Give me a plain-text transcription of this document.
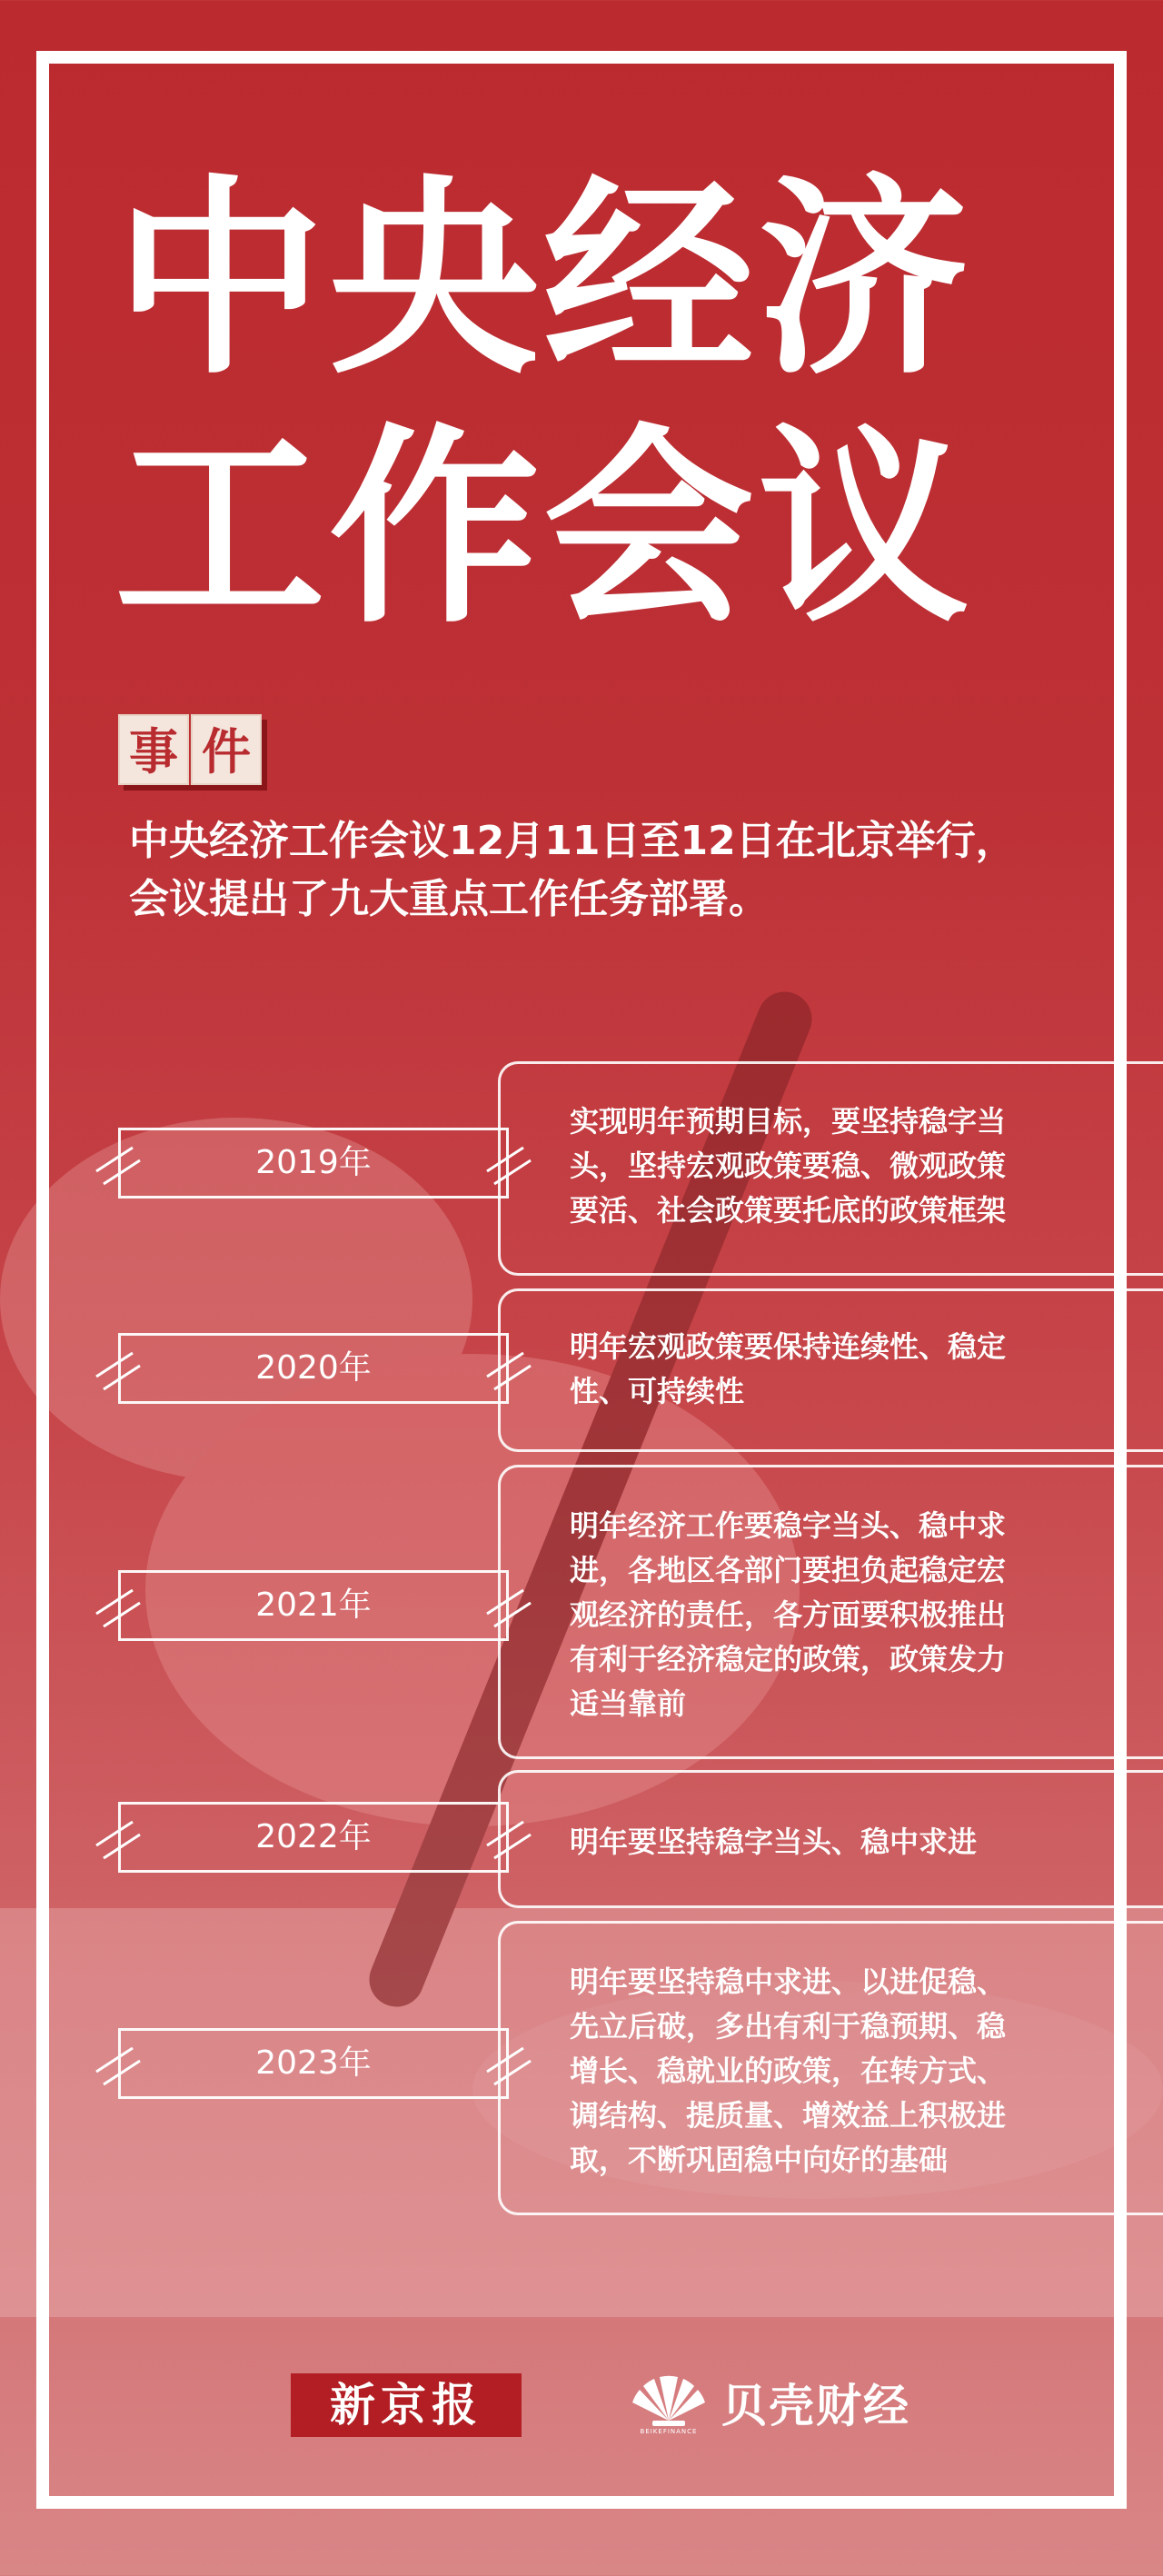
中央经济
工作会议
事 件
中央经济工作会议12月11日至12日在北京举行，
会议提出了九大重点工作任务部署。
实现明年预期目标，要坚持稳字当
头，坚持宏观政策要稳、微观政策
要活、社会政策要托底的政策框架
2019年
明年宏观政策要保持连续性、稳定
性、可持续性
2020年
明年经济工作要稳字当头、稳中求
进，各地区各部门要担负起稳定宏
观经济的责任，各方面要积极推出
有利于经济稳定的政策，政策发力
适当靠前
2021年
明年要坚持稳字当头、稳中求进
2022年
明年要坚持稳中求进、以进促稳、
先立后破，多出有利于稳预期、稳
增长、稳就业的政策，在转方式、
调结构、提质量、增效益上积极进
取，不断巩固稳中向好的基础
2023年
新京报	BEIKEFINANCE 贝壳财经
